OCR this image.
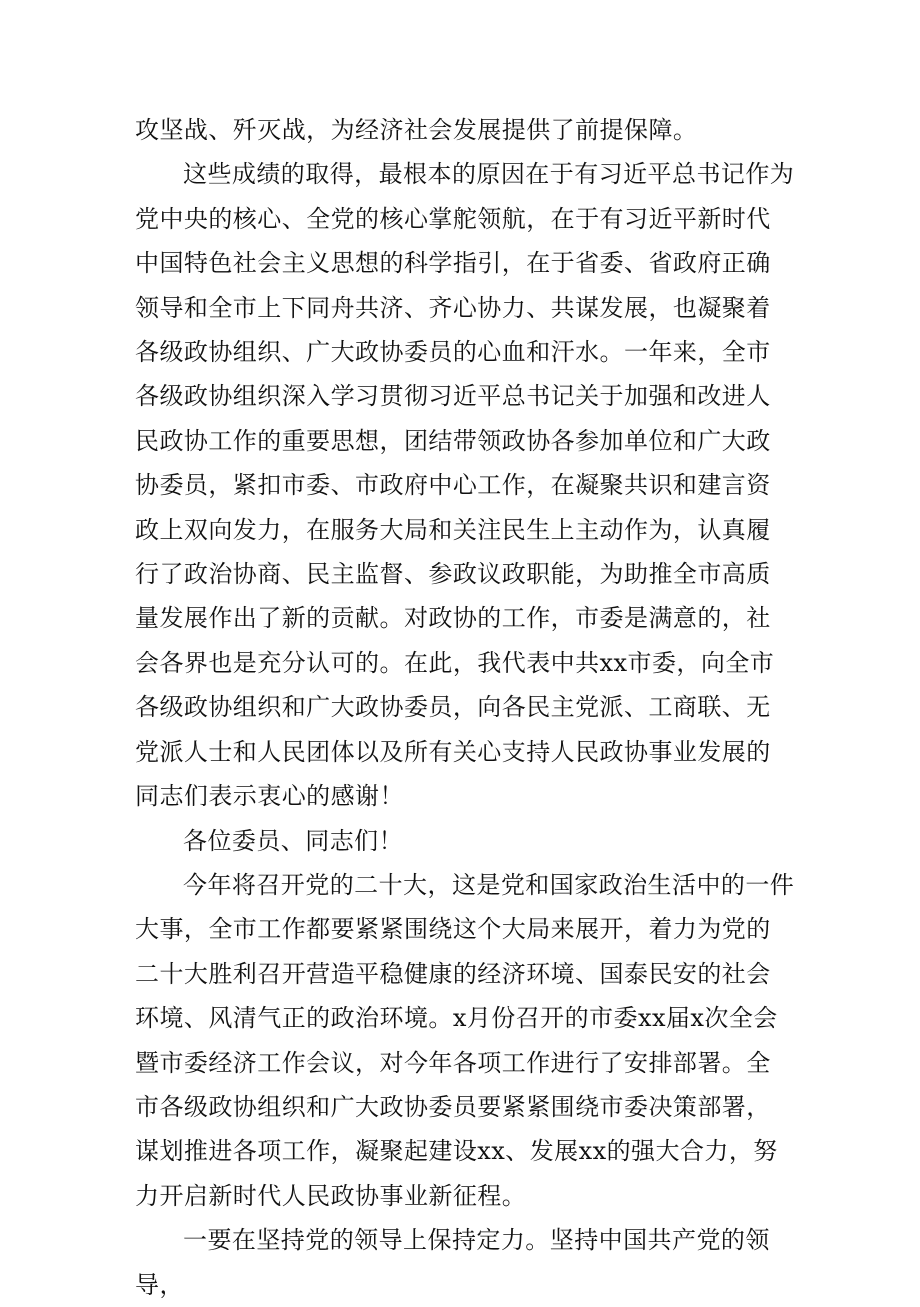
攻坚战、歼灭战，为经济社会发展提供了前提保障。

这些成绩的取得，最根本的原因在于有习近平总书记作为党中央的核心、全党的核心掌舵领航，在于有习近平新时代中国特色社会主义思想的科学指引，在于省委、省政府正确领导和全市上下同舟共济、齐心协力、共谋发展，也凝聚着各级政协组织、广大政协委员的心血和汗水。一年来，全市各级政协组织深入学习贯彻习近平总书记关于加强和改进人民政协工作的重要思想，团结带领政协各参加单位和广大政协委员，紧扣市委、市政府中心工作，在凝聚共识和建言资政上双向发力，在服务大局和关注民生上主动作为，认真履行了政治协商、民主监督、参政议政职能，为助推全市高质量发展作出了新的贡献。对政协的工作，市委是满意的，社会各界也是充分认可的。在此，我代表中共xx市委，向全市各级政协组织和广大政协委员，向各民主党派、工商联、无党派人士和人民团体以及所有关心支持人民政协事业发展的同志们表示衷心的感谢！

各位委员、同志们！

今年将召开党的二十大，这是党和国家政治生活中的一件大事，全市工作都要紧紧围绕这个大局来展开，着力为党的二十大胜利召开营造平稳健康的经济环境、国泰民安的社会环境、风清气正的政治环境。x月份召开的市委xx届x次全会暨市委经济工作会议，对今年各项工作进行了安排部署。全市各级政协组织和广大政协委员要紧紧围绕市委决策部署，谋划推进各项工作，凝聚起建设xx、发展xx的强大合力，努力开启新时代人民政协事业新征程。

一要在坚持党的领导上保持定力。坚持中国共产党的领导，
